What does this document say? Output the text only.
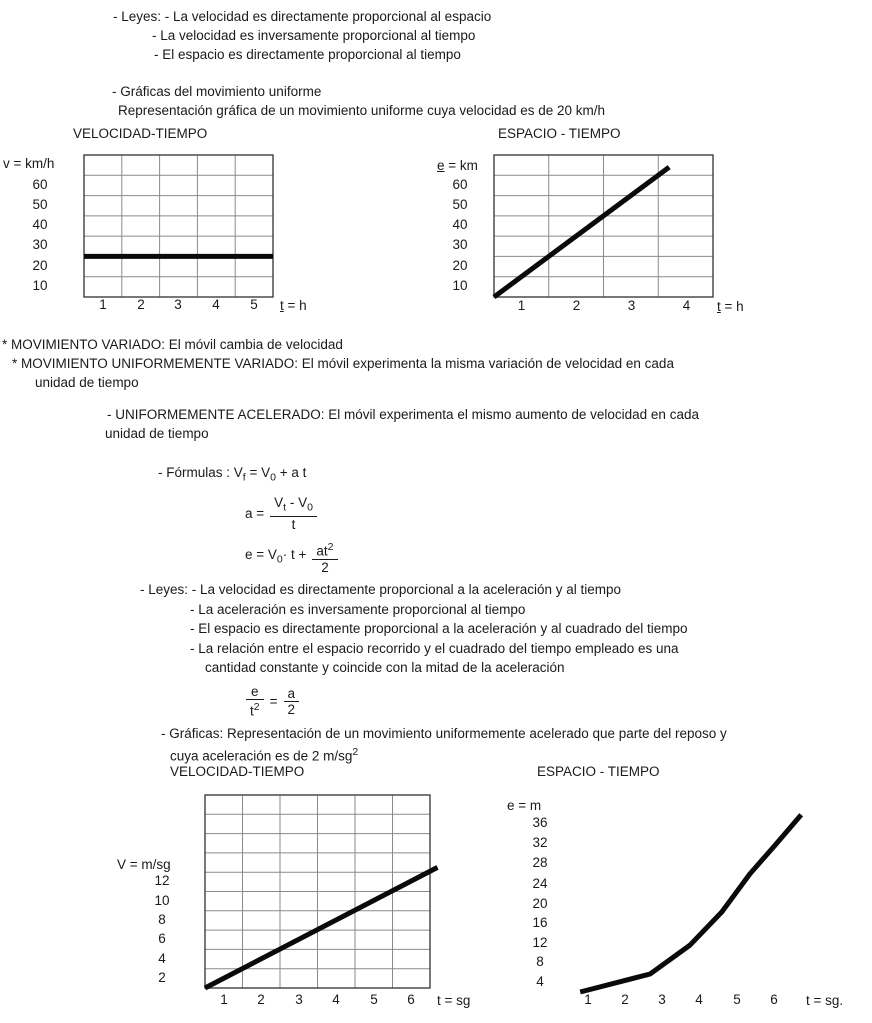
- Leyes: - La velocidad es directamente proporcional al espacio
- La velocidad es inversamente proporcional al tiempo
- El espacio es directamente proporcional al tiempo
- Gráficas del movimiento uniforme
Representación gráfica de un movimiento uniforme cuya velocidad es de 20 km/h
VELOCIDAD-TIEMPO
v = km/h
60
50
40
30
20
10
1	2	3	4	5	t = h
ESPACIO - TIEMPO
e = km
60
50
40
30
20
10
1	2	3	4	t = h
* MOVIMIENTO VARIADO: El móvil cambia de velocidad
* MOVIMIENTO UNIFORMEMENTE VARIADO: El móvil experimenta la misma variación de velocidad en cada
unidad de tiempo
- UNIFORMEMENTE ACELERADO: El móvil experimenta el mismo aumento de velocidad en cada
unidad de tiempo
- Fórmulas : $V_f = V_0 + a$ t
$a = \frac{V_t - V_0}{t}$
$e = V_0\cdot t + \frac{at^2}{2}$
- Leyes: - La velocidad es directamente proporcional a la aceleración y al tiempo
- La aceleración es inversamente proporcional al tiempo
- El espacio es directamente proporcional a la aceleración y al cuadrado del tiempo
- La relación entre el espacio recorrido y el cuadrado del tiempo empleado es una
cantidad constante y coincide con la mitad de la aceleración
$\frac{e}{t^2} = \frac{a}{2}$
- Gráficas: Representación de un movimiento uniformemente acelerado que parte del reposo y
cuya aceleración es de 2 $m/sg^2$
VELOCIDAD-TIEMPO
V = m/sg
12
10
8
6
4
2
1	2	3	4	5	6	t = sg
ESPACIO - TIEMPO
e = m
36
32
28
24
20
16
12
8
4
1	2	3	4	5	6	t = sg.
